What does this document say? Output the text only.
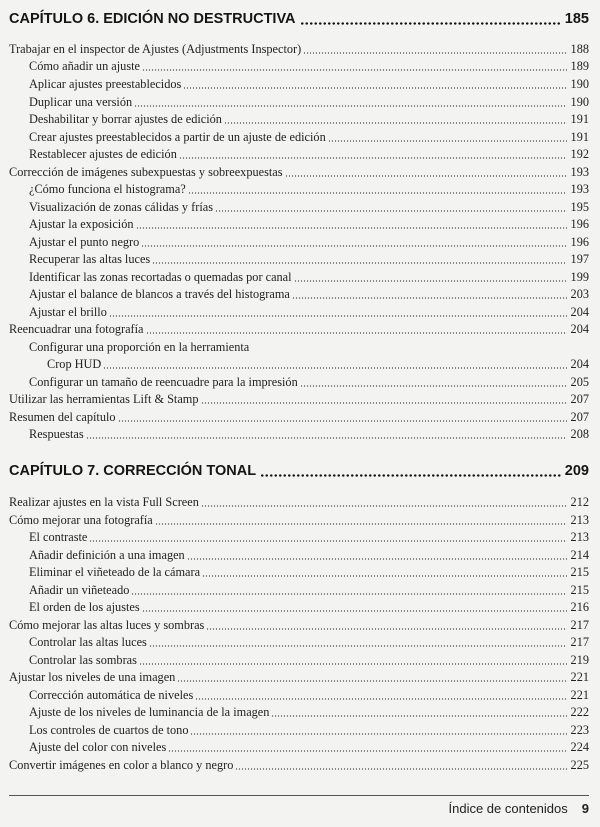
CAPÍTULO 6. EDICIÓN NO DESTRUCTIVA	185
Trabajar en el inspector de Ajustes (Adjustments Inspector)	188
Cómo añadir un ajuste	189
Aplicar ajustes preestablecidos	190
Duplicar una versión	190
Deshabilitar y borrar ajustes de edición	191
Crear ajustes preestablecidos a partir de un ajuste de edición	191
Restablecer ajustes de edición	192
Corrección de imágenes subexpuestas y sobreexpuestas	193
¿Cómo funciona el histograma?	193
Visualización de zonas cálidas y frías	195
Ajustar la exposición	196
Ajustar el punto negro	196
Recuperar las altas luces	197
Identificar las zonas recortadas o quemadas por canal	199
Ajustar el balance de blancos a través del histograma	203
Ajustar el brillo	204
Reencuadrar una fotografía	204
Configurar una proporción en la herramienta
Crop HUD	204
Configurar un tamaño de reencuadre para la impresión	205
Utilizar las herramientas Lift & Stamp	207
Resumen del capítulo	207
Respuestas	208
CAPÍTULO 7. CORRECCIÓN TONAL	209
Realizar ajustes en la vista Full Screen	212
Cómo mejorar una fotografía	213
El contraste	213
Añadir definición a una imagen	214
Eliminar el viñeteado de la cámara	215
Añadir un viñeteado	215
El orden de los ajustes	216
Cómo mejorar las altas luces y sombras	217
Controlar las altas luces	217
Controlar las sombras	219
Ajustar los niveles de una imagen	221
Corrección automática de niveles	221
Ajuste de los niveles de luminancia de la imagen	222
Los controles de cuartos de tono	223
Ajuste del color con niveles	224
Convertir imágenes en color a blanco y negro	225
Índice de contenidos 9
